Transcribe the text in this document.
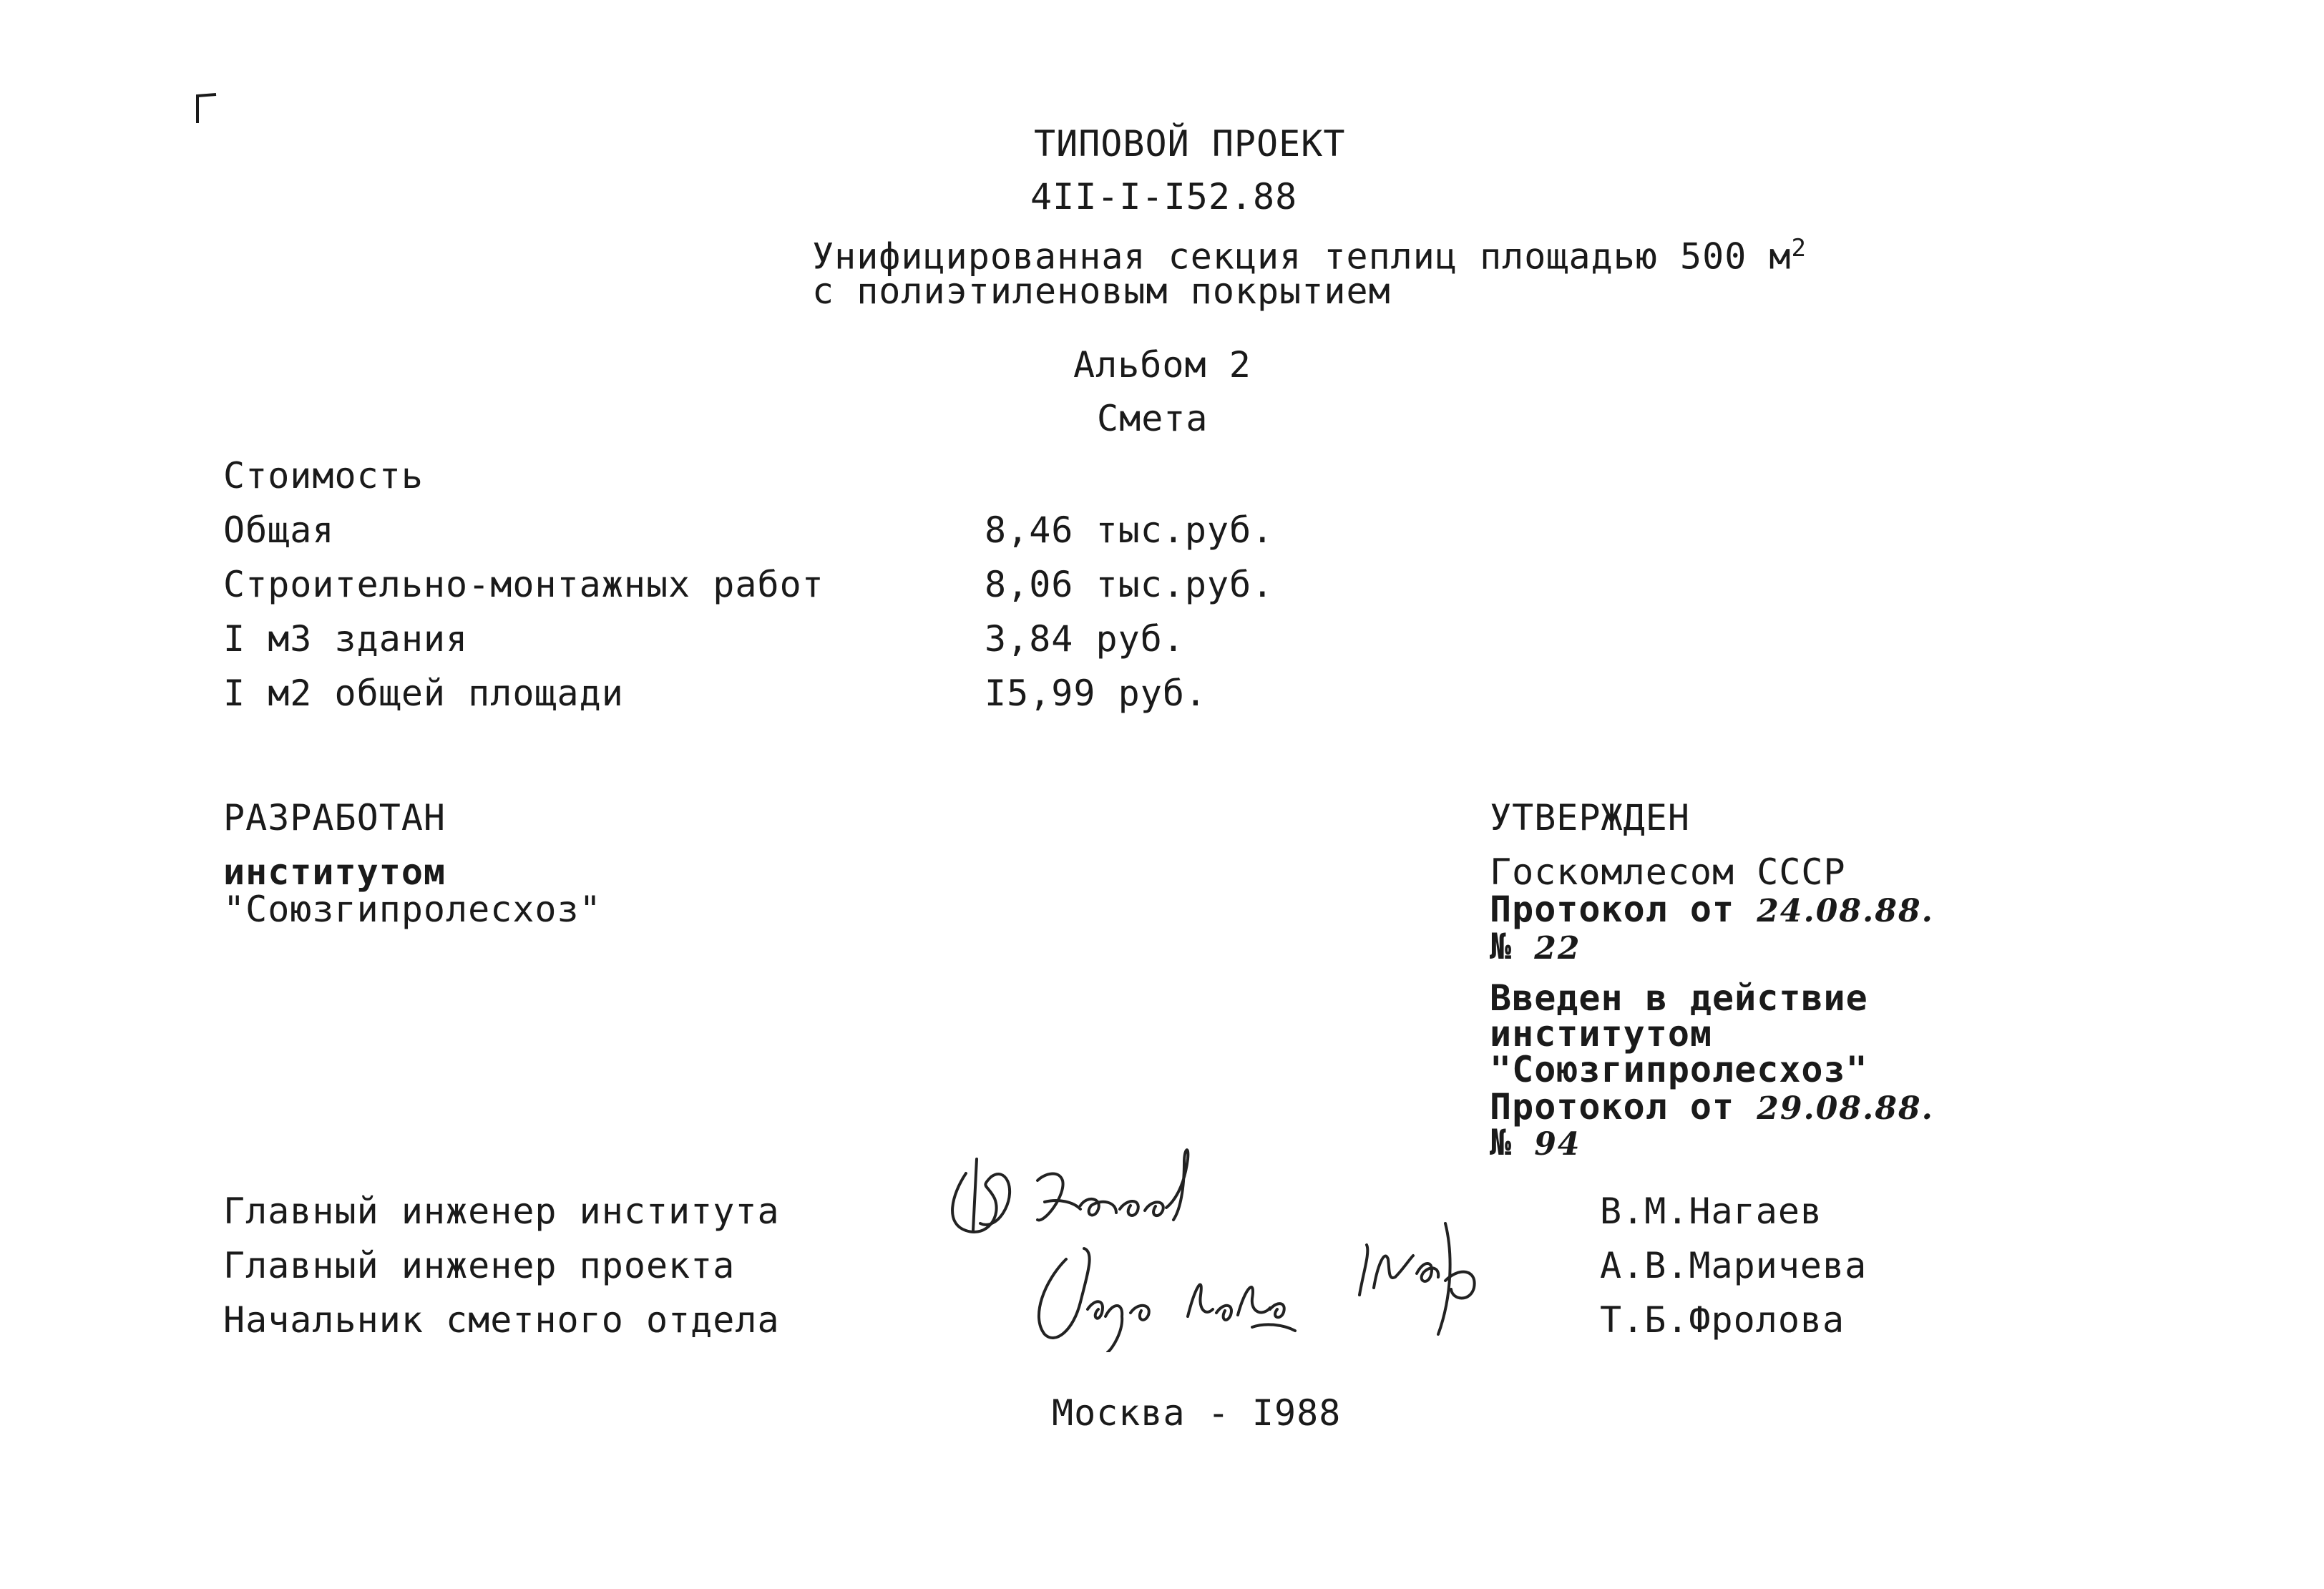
ТИПОВОЙ ПРОЕКТ
4II-I-I52.88
Унифицированная секция теплиц площадью 500 $м^2$
с полиэтиленовым покрытием
Альбом 2
Смета
Стоимость
Общая	8,46 тыс.руб.
Строительно-монтажных работ	8,06 тыс.руб.
I м3 здания	3,84 руб.
I м2 общей площади	I5,99 руб.
РАЗРАБОТАН
институтом
"Союзгипролесхоз"
УТВЕРЖДЕН
Госкомлесом СССР
Протокол от 24.08.88.
№ 22
Введен в действие
институтом
"Союзгипролесхоз"
Протокол от 29.08.88.
№ 94
Главный инженер института	В.М.Нагаев
Главный инженер проекта	А.В.Маричева
Начальник сметного отдела	Т.Б.Фролова
Москва - I988
